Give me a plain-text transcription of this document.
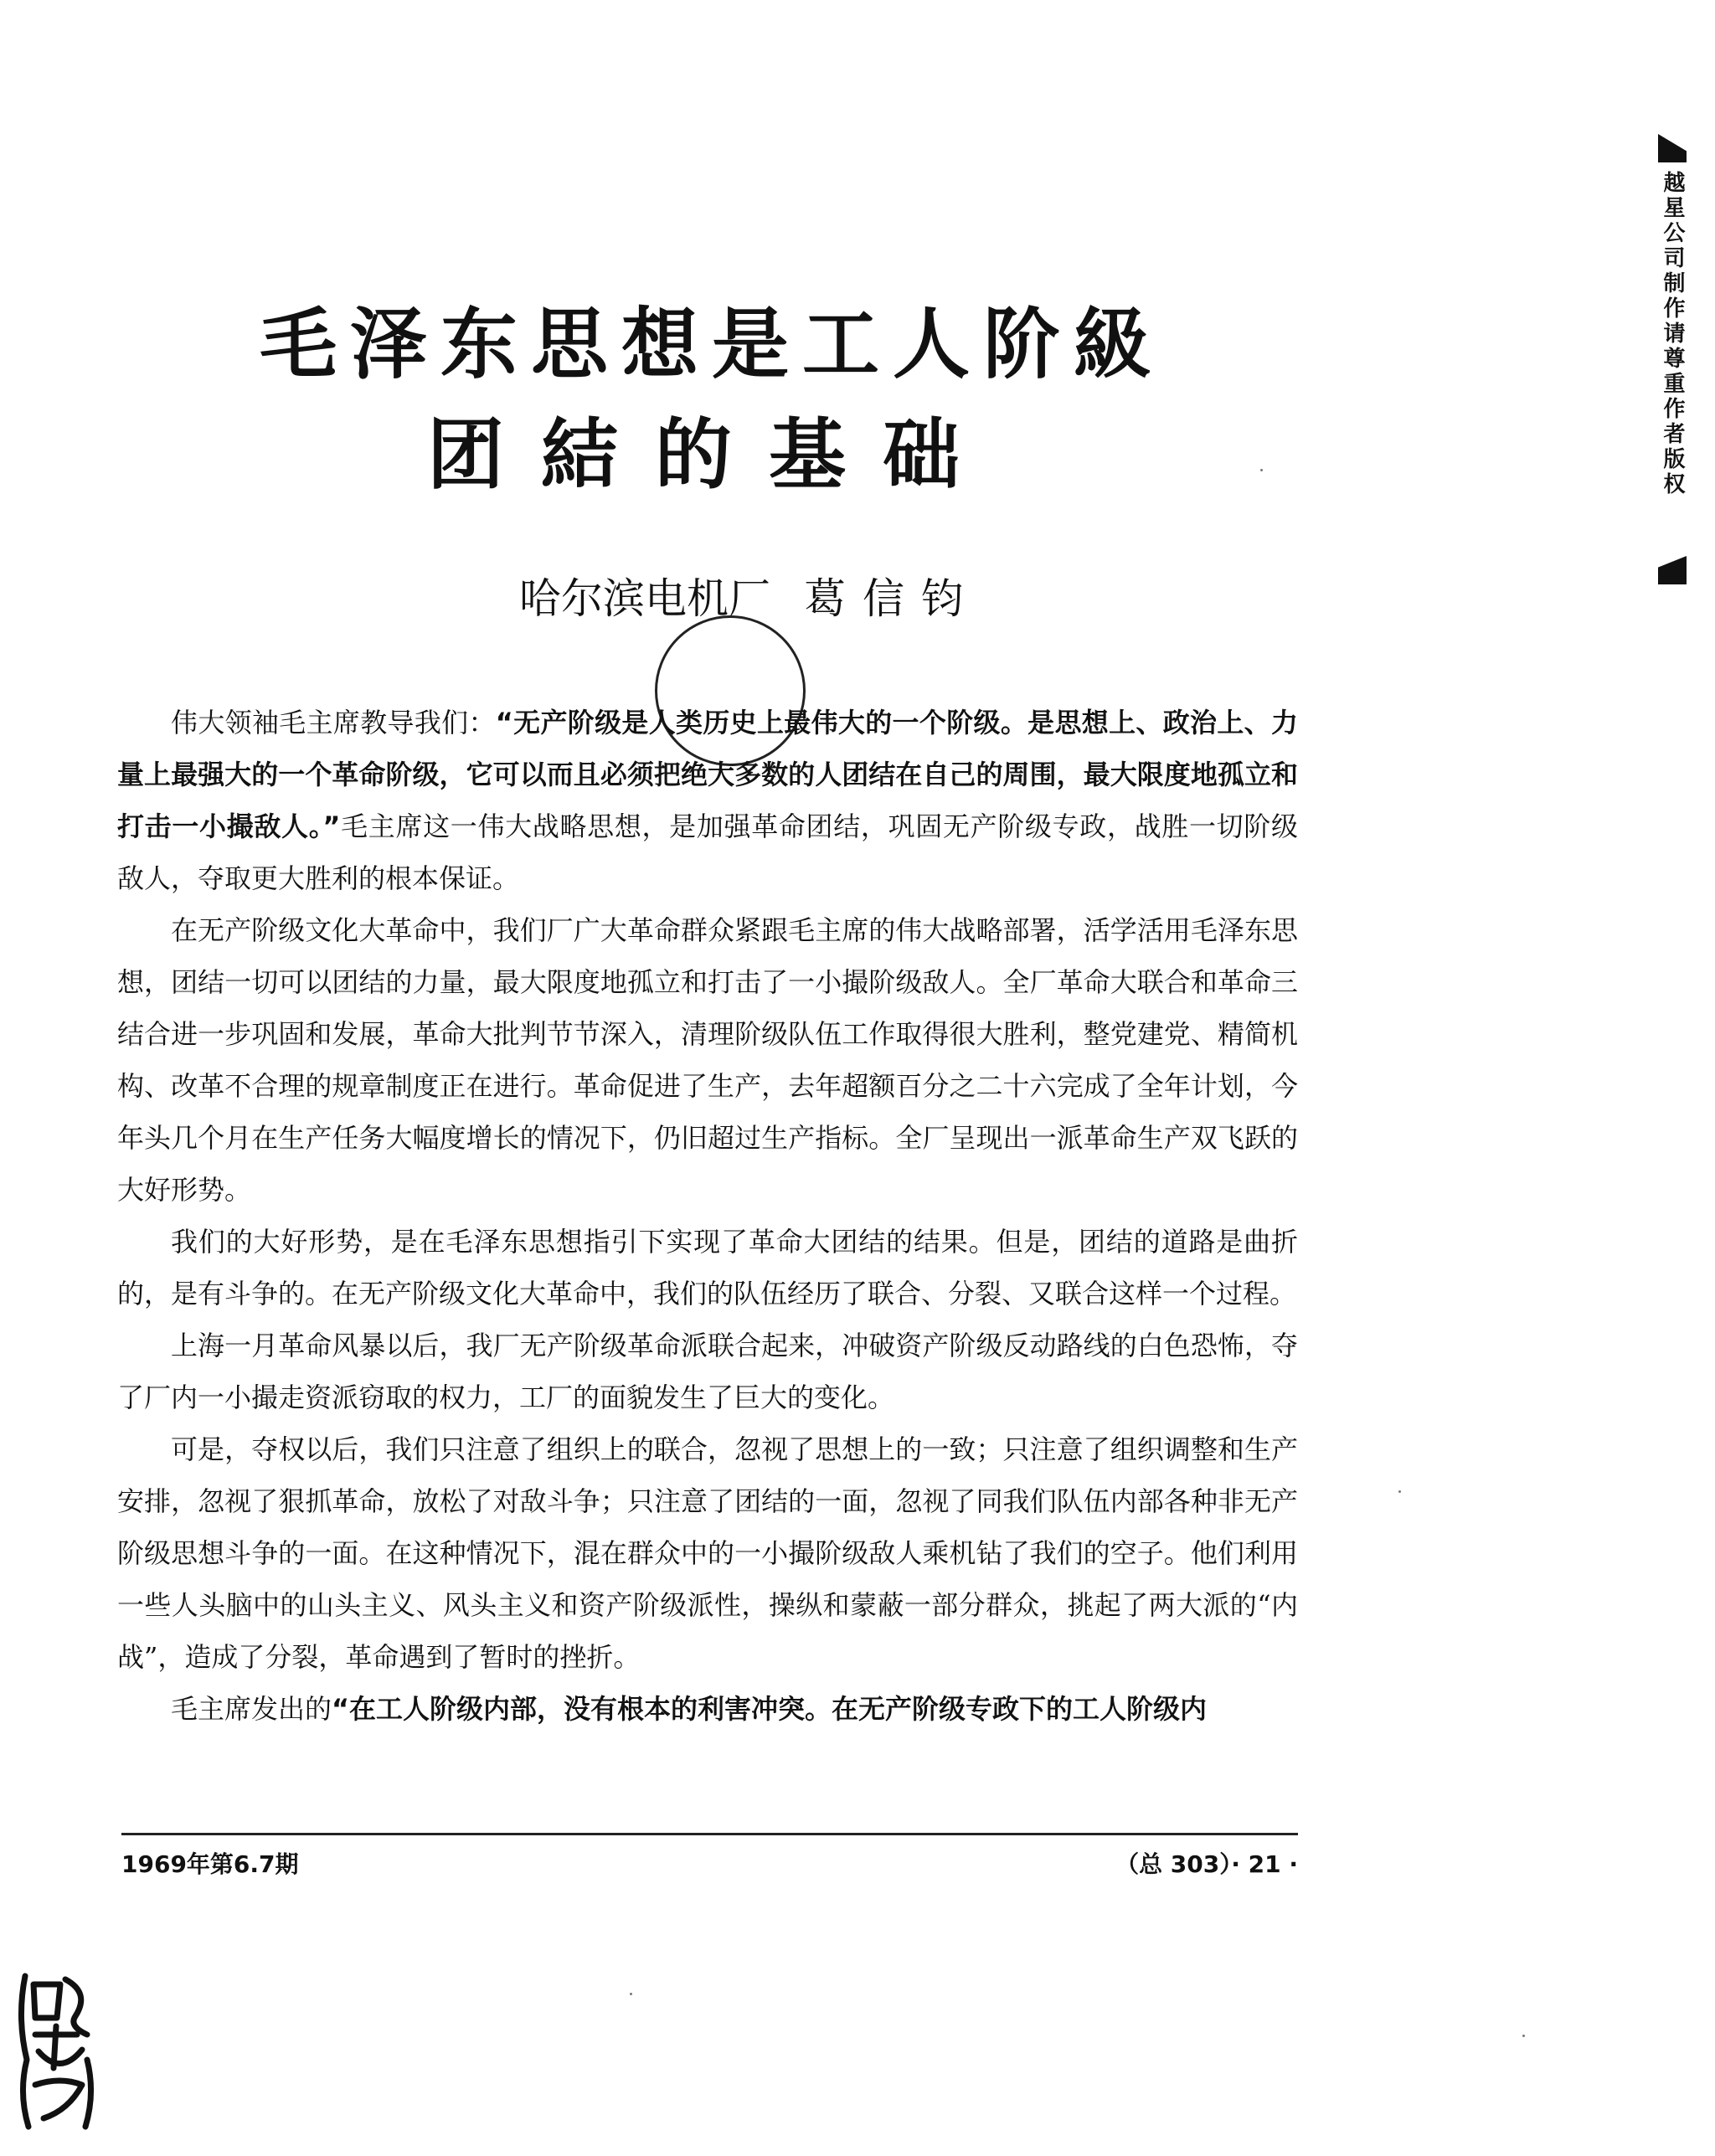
毛泽东思想是工人阶級
团結的基础
哈尔滨电机厂 葛信钧

伟大领袖毛主席教导我们：“无产阶级是人类历史上最伟大的一个阶级。是思想上、政治上、力量上最强大的一个革命阶级，它可以而且必须把绝大多数的人团结在自己的周围，最大限度地孤立和打击一小撮敌人。”毛主席这一伟大战略思想，是加强革命团结，巩固无产阶级专政，战胜一切阶级敌人，夺取更大胜利的根本保证。

在无产阶级文化大革命中，我们厂广大革命群众紧跟毛主席的伟大战略部署，活学活用毛泽东思想，团结一切可以团结的力量，最大限度地孤立和打击了一小撮阶级敌人。全厂革命大联合和革命三结合进一步巩固和发展，革命大批判节节深入，清理阶级队伍工作取得很大胜利，整党建党、精简机构、改革不合理的规章制度正在进行。革命促进了生产，去年超额百分之二十六完成了全年计划，今年头几个月在生产任务大幅度增长的情况下，仍旧超过生产指标。全厂呈现出一派革命生产双飞跃的大好形势。

我们的大好形势，是在毛泽东思想指引下实现了革命大团结的结果。但是，团结的道路是曲折的，是有斗争的。在无产阶级文化大革命中，我们的队伍经历了联合、分裂、又联合这样一个过程。

上海一月革命风暴以后，我厂无产阶级革命派联合起来，冲破资产阶级反动路线的白色恐怖，夺了厂内一小撮走资派窃取的权力，工厂的面貌发生了巨大的变化。

可是，夺权以后，我们只注意了组织上的联合，忽视了思想上的一致；只注意了组织调整和生产安排，忽视了狠抓革命，放松了对敌斗争；只注意了团结的一面，忽视了同我们队伍内部各种非无产阶级思想斗争的一面。在这种情况下，混在群众中的一小撮阶级敌人乘机钻了我们的空子。他们利用一些人头脑中的山头主义、风头主义和资产阶级派性，操纵和蒙蔽一部分群众，挑起了两大派的“内战”，造成了分裂，革命遇到了暂时的挫折。

毛主席发出的“在工人阶级内部，没有根本的利害冲突。在无产阶级专政下的工人阶级内

1969年第6.7期	（总 303）· 21 ·
越星公司制作请尊重作者版权
